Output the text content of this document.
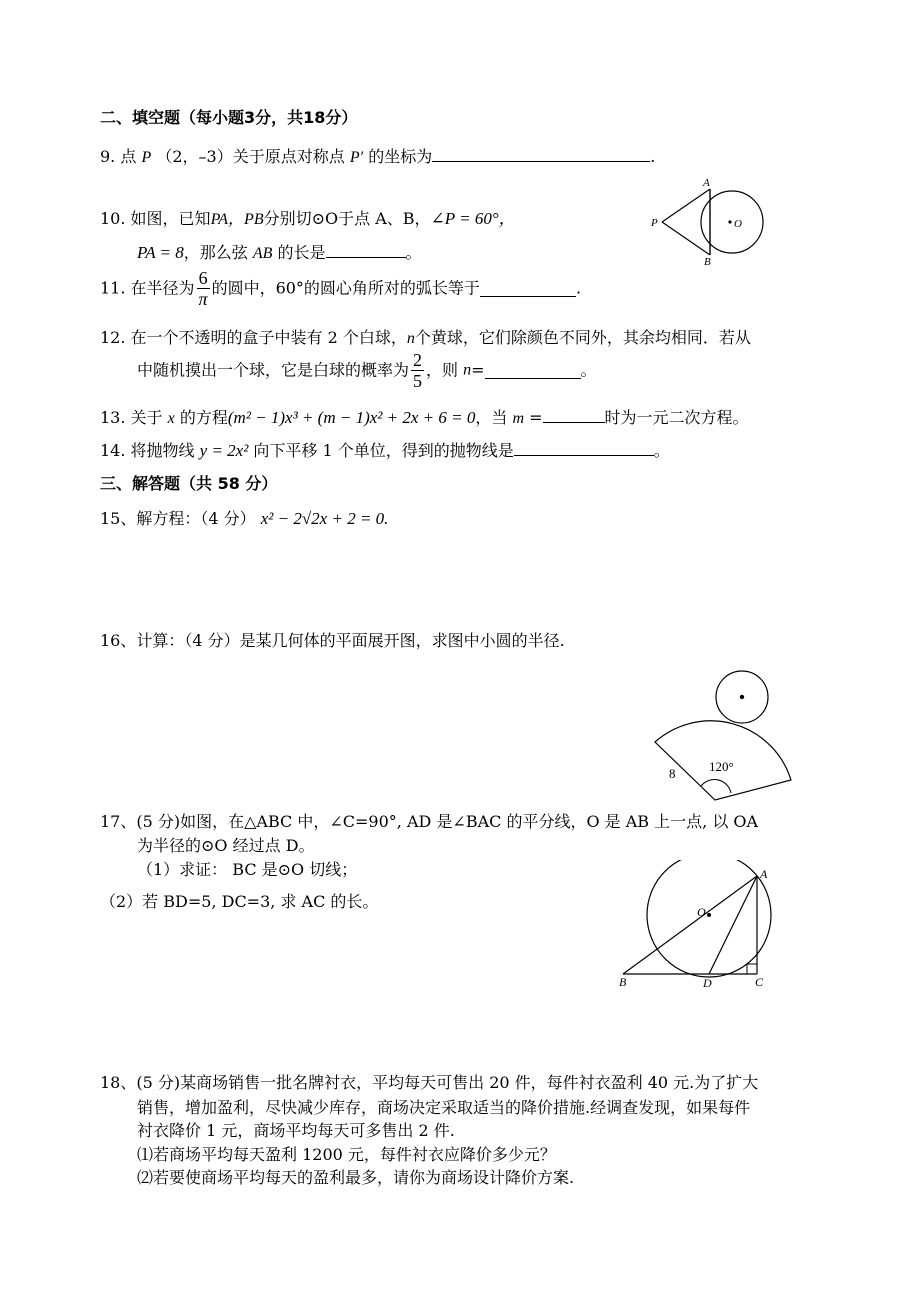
二、填空题（每小题3分，共18分）
9. 点 P （2，–3）关于原点对称点 P′ 的坐标为	.
10. 如图，已知PA，PB分别切⊙O于点 A、B，∠P = 60°，
PA = 8，那么弦 AB 的长是	。
A
B
P	O
11. 在半径为 $\frac{6}{\pi}$ 的圆中，60°的圆心角所对的弧长等于	.
12. 在一个不透明的盒子中装有 2 个白球，n个黄球，它们除颜色不同外，其余均相同．若从
中随机摸出一个球，它是白球的概率为 $\frac{2}{5}$ ，则 n=	。
13. 关于 x 的方程(m² − 1)x³ + (m − 1)x² + 2x + 6 = 0，当 m =	时为一元二次方程。
14. 将抛物线 y = 2x² 向下平移 1 个单位，得到的抛物线是	。
三、解答题（共 58 分）
15、解方程：（4 分） x² − 2√2x + 2 = 0.
16、计算：（4 分）是某几何体的平面展开图，求图中小圆的半径.
8	120°
17、(5 分)如图，在△ABC 中，∠C=90°, AD 是∠BAC 的平分线，O 是 AB 上一点, 以 OA
为半径的⊙O 经过点 D。
（1）求证： BC 是⊙O 切线；
（2）若 BD=5, DC=3, 求 AC 的长。
A
B	C
D
O
18、(5 分)某商场销售一批名牌衬衣，平均每天可售出 20 件，每件衬衣盈利 40 元.为了扩大
销售，增加盈利，尽快减少库存，商场决定采取适当的降价措施.经调查发现，如果每件
衬衣降价 1 元，商场平均每天可多售出 2 件.
⑴若商场平均每天盈利 1200 元，每件衬衣应降价多少元？
⑵若要使商场平均每天的盈利最多，请你为商场设计降价方案.
